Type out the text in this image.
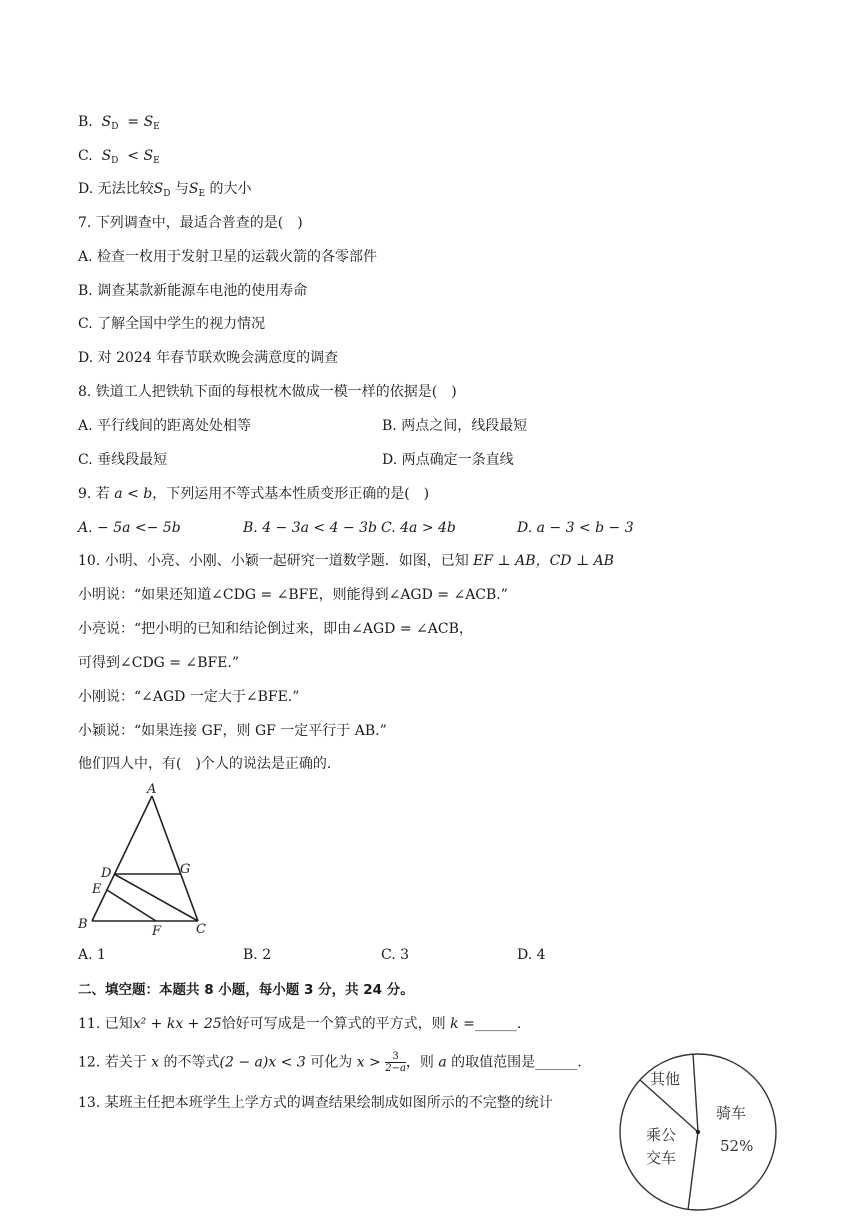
B. $S_D = S_E$
C. $S_D < S_E$
D. 无法比较$S_D$ 与$S_E$ 的大小
7. 下列调查中，最适合普查的是(　)
A. 检查一枚用于发射卫星的运载火箭的各零部件
B. 调查某款新能源车电池的使用寿命
C. 了解全国中学生的视力情况
D. 对 2024 年春节联欢晚会满意度的调查
8. 铁道工人把铁轨下面的每根枕木做成一模一样的依据是(　)
A. 平行线间的距离处处相等	B. 两点之间，线段最短
C. 垂线段最短	D. 两点确定一条直线
9. 若 a < b，下列运用不等式基本性质变形正确的是(　)
A. − 5a <− 5b	B. 4 − 3a < 4 − 3b C. 4a > 4b	D. a − 3 < b − 3
10. 小明、小亮、小刚、小颖一起研究一道数学题．如图，已知 EF ⊥ AB，CD ⊥ AB
小明说：“如果还知道∠CDG = ∠BFE，则能得到∠AGD = ∠ACB.”
小亮说：“把小明的已知和结论倒过来，即由∠AGD = ∠ACB，
可得到∠CDG = ∠BFE.”
小刚说：“∠AGD 一定大于∠BFE.”
小颖说：“如果连接 GF，则 GF 一定平行于 AB.”
他们四人中，有(　)个人的说法是正确的．
A
D	G
E
B	F	C
A. 1	B. 2	C. 3	D. 4
二、填空题：本题共 8 小题，每小题 3 分，共 24 分。
11. 已知x² + kx + 25恰好可写成是一个算式的平方式，则 k =______.
12. 若关于 x 的不等式(2 − a)x < 3 可化为 $x > \frac{3}{2-a}$ ，则 a 的取值范围是______.
13. 某班主任把本班学生上学方式的调查结果绘制成如图所示的不完整的统计
其他
骑车
52%
乘公
交车
